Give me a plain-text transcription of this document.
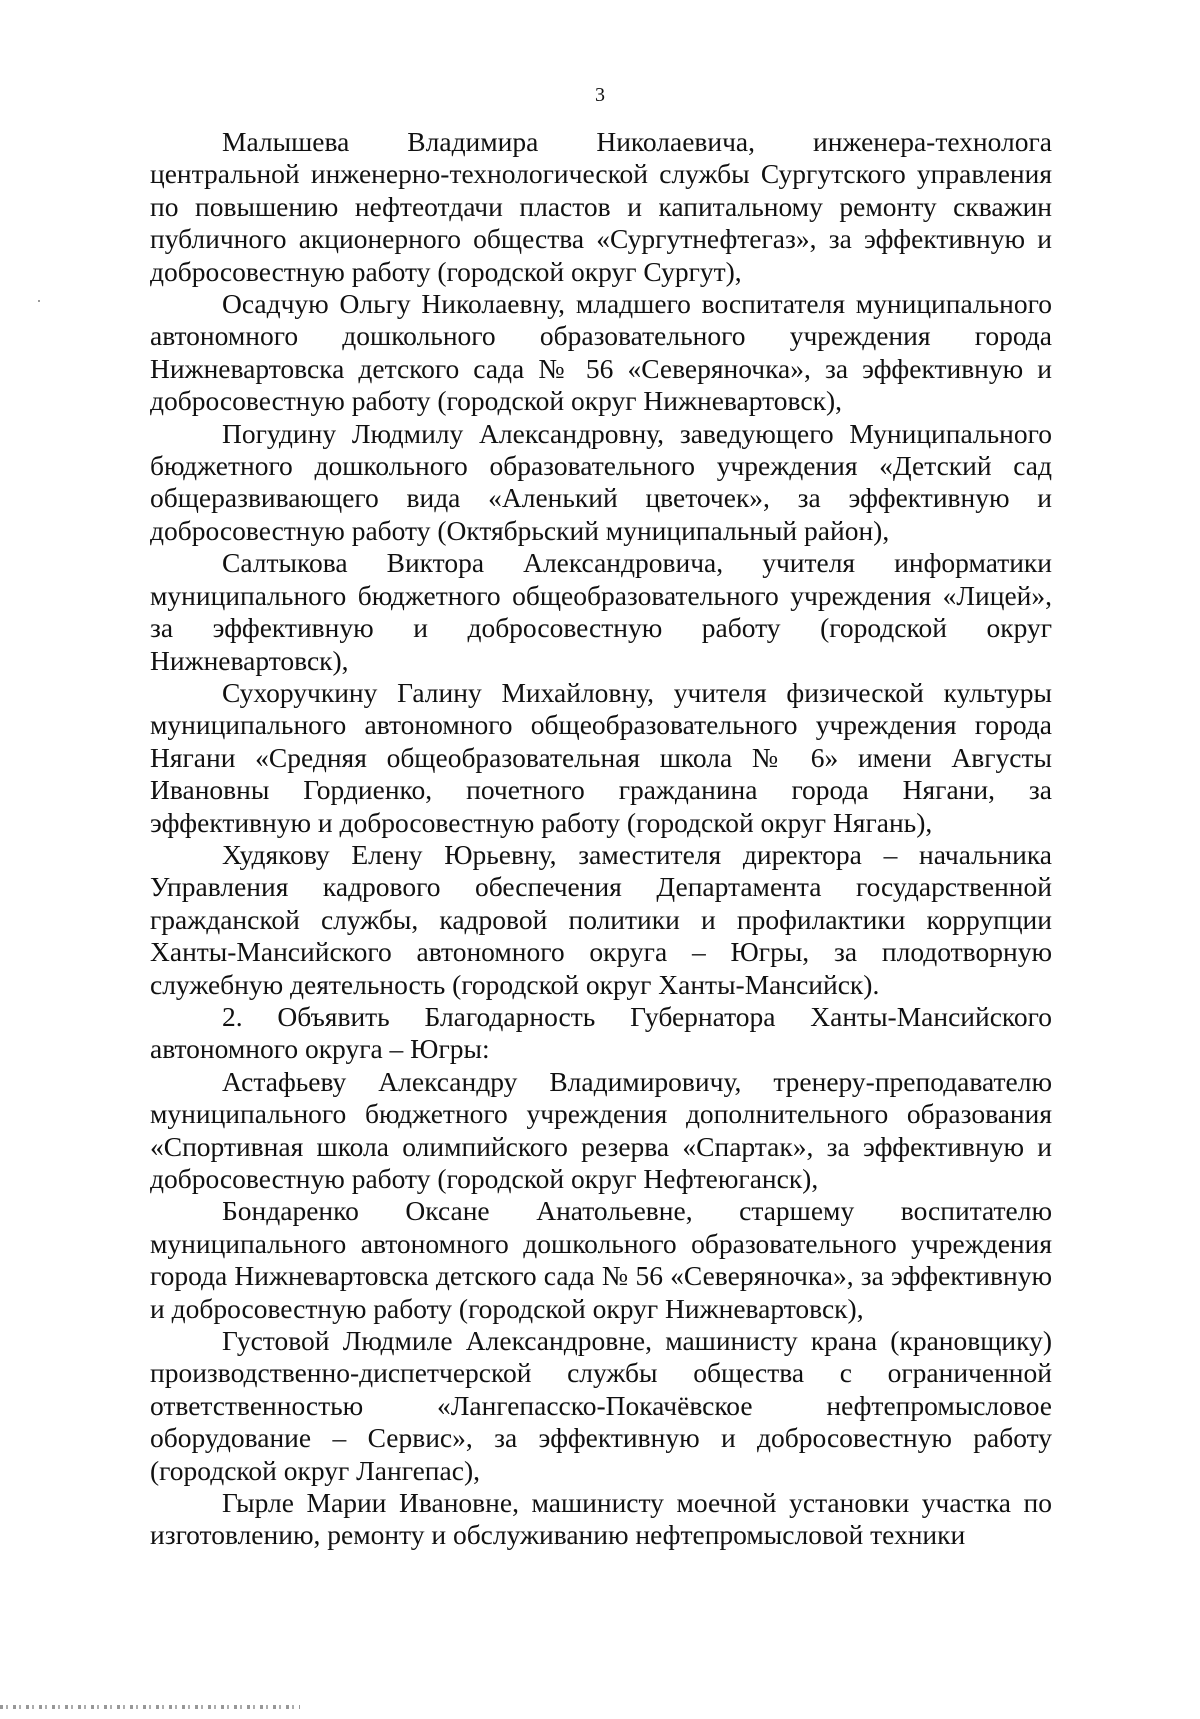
3

Малышева Владимира Николаевича, инженера-технолога центральной инженерно-технологической службы Сургутского управления по повышению нефтеотдачи пластов и капитальному ремонту скважин публичного акционерного общества «Сургутнефтегаз», за эффективную и добросовестную работу (городской округ Сургут),

Осадчую Ольгу Николаевну, младшего воспитателя муниципального автономного дошкольного образовательного учреждения города Нижневартовска детского сада № 56 «Северяночка», за эффективную и добросовестную работу (городской округ Нижневартовск),

Погудину Людмилу Александровну, заведующего Муниципального бюджетного дошкольного образовательного учреждения «Детский сад общеразвивающего вида «Аленький цветочек», за эффективную и добросовестную работу (Октябрьский муниципальный район),

Салтыкова Виктора Александровича, учителя информатики муниципального бюджетного общеобразовательного учреждения «Лицей», за эффективную и добросовестную работу (городской округ Нижневартовск),

Сухоручкину Галину Михайловну, учителя физической культуры муниципального автономного общеобразовательного учреждения города Нягани «Средняя общеобразовательная школа № 6» имени Августы Ивановны Гордиенко, почетного гражданина города Нягани, за эффективную и добросовестную работу (городской округ Нягань),

Худякову Елену Юрьевну, заместителя директора – начальника Управления кадрового обеспечения Департамента государственной гражданской службы, кадровой политики и профилактики коррупции Ханты-Мансийского автономного округа – Югры, за плодотворную служебную деятельность (городской округ Ханты-Мансийск).

2. Объявить Благодарность Губернатора Ханты-Мансийского автономного округа – Югры:

Астафьеву Александру Владимировичу, тренеру-преподавателю муниципального бюджетного учреждения дополнительного образования «Спортивная школа олимпийского резерва «Спартак», за эффективную и добросовестную работу (городской округ Нефтеюганск),

Бондаренко Оксане Анатольевне, старшему воспитателю муниципального автономного дошкольного образовательного учреждения города Нижневартовска детского сада № 56 «Северяночка», за эффективную и добросовестную работу (городской округ Нижневартовск),

Густовой Людмиле Александровне, машинисту крана (крановщику) производственно-диспетчерской службы общества с ограниченной ответственностью «Лангепасско-Покачёвское нефтепромысловое оборудование – Сервис», за эффективную и добросовестную работу (городской округ Лангепас),

Гырле Марии Ивановне, машинисту моечной установки участка по изготовлению, ремонту и обслуживанию нефтепромысловой техники
